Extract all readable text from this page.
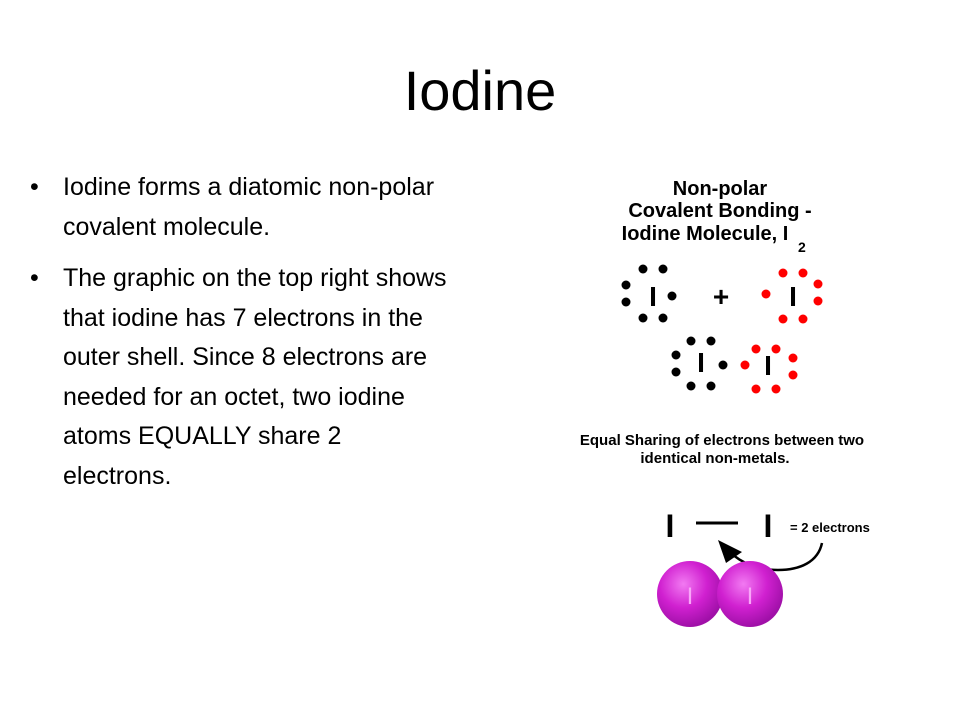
Iodine
• Iodine forms a diatomic non-polar covalent molecule.
• The graphic on the top right shows that iodine has 7 electrons in the outer shell. Since 8 electrons are needed for an octet, two iodine atoms EQUALLY share 2 electrons.
Non-polar
Covalent Bonding -
Iodine Molecule, I
2
I + I
I I
Equal Sharing of electrons between two
identical non-metals.
I	I = 2 electrons
I I
